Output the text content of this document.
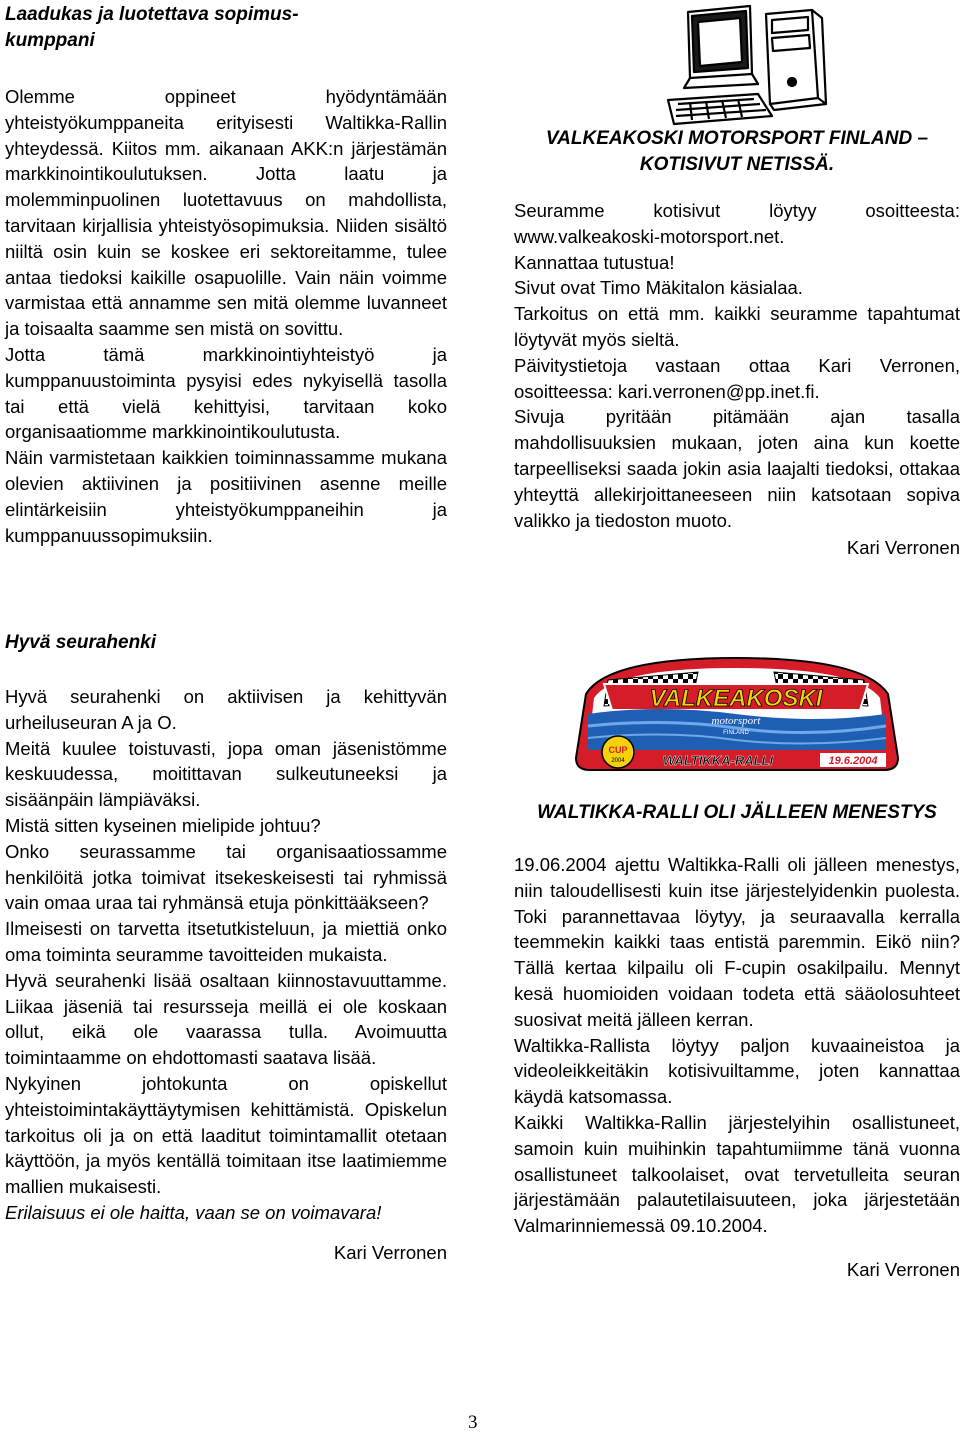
Laadukas ja luotettava sopimus-
kumppani

Olemme oppineet hyödyntämään yhteistyökumppaneita erityisesti Waltikka-Rallin yhteydessä. Kiitos mm. aikanaan AKK:n järjestämän markkinointikoulutuksen. Jotta laatu ja molemminpuolinen luotettavuus on mahdollista, tarvitaan kirjallisia yhteistyösopimuksia. Niiden sisältö niiltä osin kuin se koskee eri sektoreitamme, tulee antaa tiedoksi kaikille osapuolille. Vain näin voimme varmistaa että annamme sen mitä olemme luvanneet ja toisaalta saamme sen mistä on sovittu.

Jotta tämä markkinointiyhteistyö ja kumppanuustoiminta pysyisi edes nykyisellä tasolla tai että vielä kehittyisi, tarvitaan koko organisaatiomme markkinointikoulutusta.

Näin varmistetaan kaikkien toiminnassamme mukana olevien aktiivinen ja positiivinen asenne meille elintärkeisiin yhteistyökumppaneihin ja kumppanuussopimuksiin.

Hyvä seurahenki

Hyvä seurahenki on aktiivisen ja kehittyvän urheiluseuran A ja O.

Meitä kuulee toistuvasti, jopa oman jäsenistömme keskuudessa, moitittavan sulkeutuneeksi ja sisäänpäin lämpiäväksi.

Mistä sitten kyseinen mielipide johtuu?

Onko seurassamme tai organisaatiossamme henkilöitä jotka toimivat itsekeskeisesti tai ryhmissä vain omaa uraa tai ryhmänsä etuja pönkittääkseen?

Ilmeisesti on tarvetta itsetutkisteluun, ja miettiä onko oma toiminta seuramme tavoitteiden mukaista.

Hyvä seurahenki lisää osaltaan kiinnostavuuttamme. Liikaa jäseniä tai resursseja meillä ei ole koskaan ollut, eikä ole vaarassa tulla. Avoimuutta toimintaamme on ehdottomasti saatava lisää.

Nykyinen johtokunta on opiskellut yhteistoimintakäyttäytymisen kehittämistä. Opiskelun tarkoitus oli ja on että laaditut toimintamallit otetaan käyttöön, ja myös kentällä toimitaan itse laatimiemme mallien mukaisesti.

Erilaisuus ei ole haitta, vaan se on voimavara!

Kari Verronen
VALKEAKOSKI MOTORSPORT FINLAND – KOTISIVUT NETISSÄ.

Seuramme kotisivut löytyy osoitteesta: www.valkeakoski-motorsport.net.

Kannattaa tutustua!

Sivut ovat Timo Mäkitalon käsialaa.

Tarkoitus on että mm. kaikki seuramme tapahtumat löytyvät myös sieltä.

Päivitystietoja vastaan ottaa Kari Verronen, osoitteessa: kari.verronen@pp.inet.fi.

Sivuja pyritään pitämään ajan tasalla mahdollisuuksien mukaan, joten aina kun koette tarpeelliseksi saada jokin asia laajalti tiedoksi, ottakaa yhteyttä allekirjoittaneeseen niin katsotaan sopiva valikko ja tiedoston muoto.

Kari Verronen
VALKEAKOSKI
motorsport
FINLAND
CUP
2004	WALTIKKA-RALLI	19.6.2004
WALTIKKA-RALLI OLI JÄLLEEN MENESTYS

19.06.2004 ajettu Waltikka-Ralli oli jälleen menestys, niin taloudellisesti kuin itse järjestelyidenkin puolesta. Toki parannettavaa löytyy, ja seuraavalla kerralla teemmekin kaikki taas entistä paremmin. Eikö niin? Tällä kertaa kilpailu oli F-cupin osakilpailu. Mennyt kesä huomioiden voidaan todeta että sääolosuhteet suosivat meitä jälleen kerran.

Waltikka-Rallista löytyy paljon kuvaaineistoa ja videoleikkeitäkin kotisivuiltamme, joten kannattaa käydä katsomassa.

Kaikki Waltikka-Rallin järjestelyihin osallistuneet, samoin kuin muihinkin tapahtumiimme tänä vuonna osallistuneet talkoolaiset, ovat tervetulleita seuran järjestämään palautetilaisuuteen, joka järjestetään Valmarinniemessä 09.10.2004.

Kari Verronen
3
